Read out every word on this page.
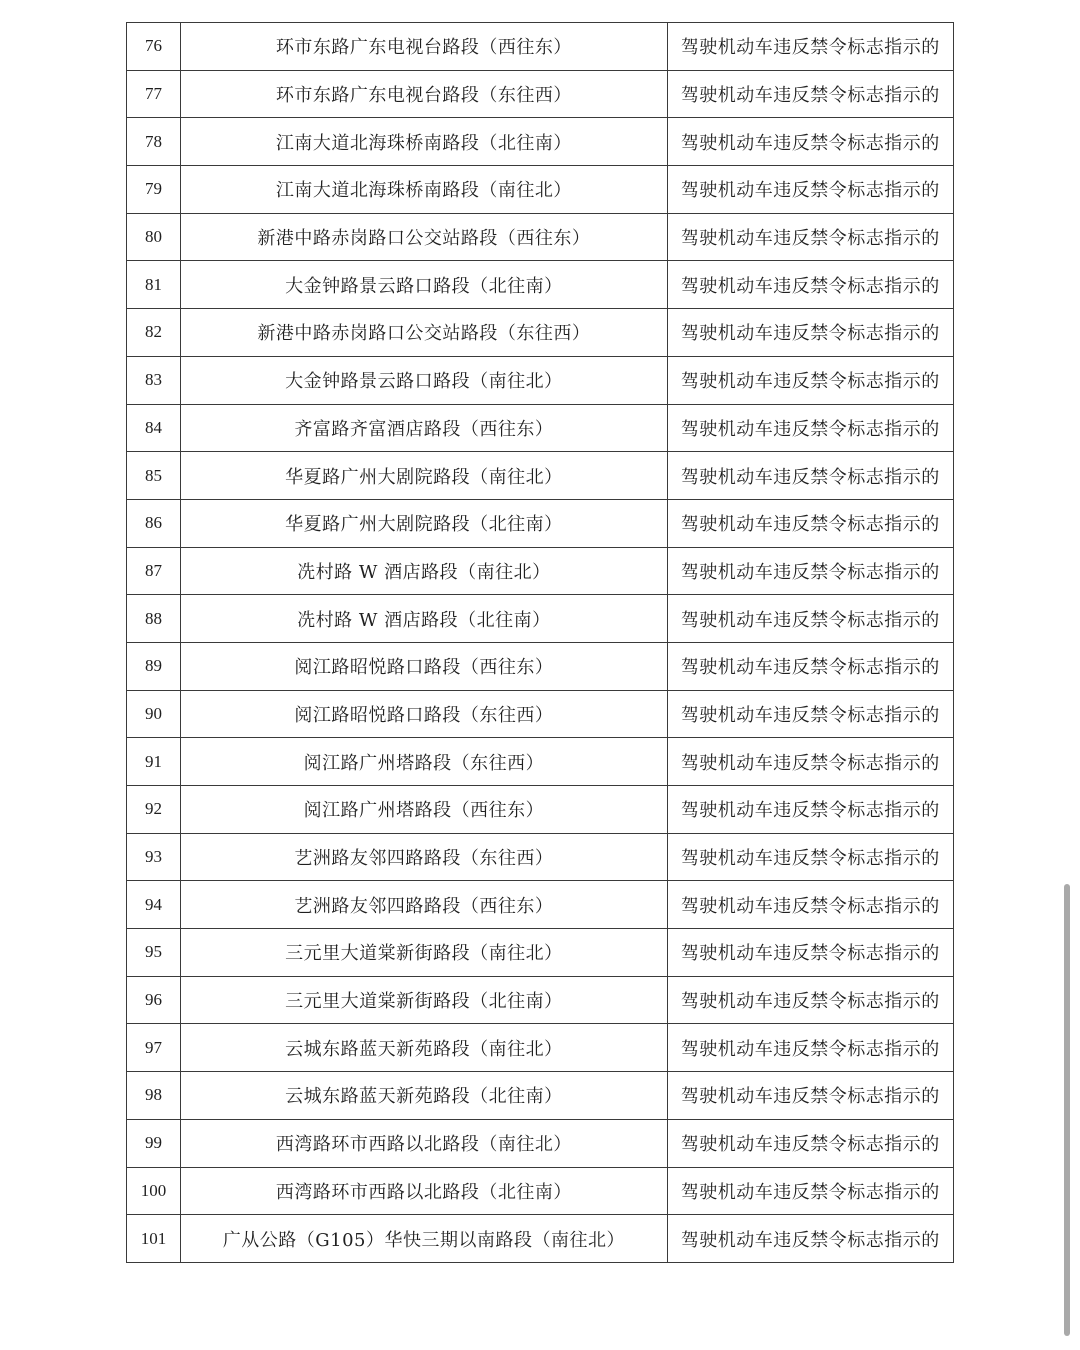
76	环市东路广东电视台路段（西往东）	驾驶机动车违反禁令标志指示的
77	环市东路广东电视台路段（东往西）	驾驶机动车违反禁令标志指示的
78	江南大道北海珠桥南路段（北往南）	驾驶机动车违反禁令标志指示的
79	江南大道北海珠桥南路段（南往北）	驾驶机动车违反禁令标志指示的
80	新港中路赤岗路口公交站路段（西往东）	驾驶机动车违反禁令标志指示的
81	大金钟路景云路口路段（北往南）	驾驶机动车违反禁令标志指示的
82	新港中路赤岗路口公交站路段（东往西）	驾驶机动车违反禁令标志指示的
83	大金钟路景云路口路段（南往北）	驾驶机动车违反禁令标志指示的
84	齐富路齐富酒店路段（西往东）	驾驶机动车违反禁令标志指示的
85	华夏路广州大剧院路段（南往北）	驾驶机动车违反禁令标志指示的
86	华夏路广州大剧院路段（北往南）	驾驶机动车违反禁令标志指示的
87	冼村路 W 酒店路段（南往北）	驾驶机动车违反禁令标志指示的
88	冼村路 W 酒店路段（北往南）	驾驶机动车违反禁令标志指示的
89	阅江路昭悦路口路段（西往东）	驾驶机动车违反禁令标志指示的
90	阅江路昭悦路口路段（东往西）	驾驶机动车违反禁令标志指示的
91	阅江路广州塔路段（东往西）	驾驶机动车违反禁令标志指示的
92	阅江路广州塔路段（西往东）	驾驶机动车违反禁令标志指示的
93	艺洲路友邻四路路段（东往西）	驾驶机动车违反禁令标志指示的
94	艺洲路友邻四路路段（西往东）	驾驶机动车违反禁令标志指示的
95	三元里大道棠新街路段（南往北）	驾驶机动车违反禁令标志指示的
96	三元里大道棠新街路段（北往南）	驾驶机动车违反禁令标志指示的
97	云城东路蓝天新苑路段（南往北）	驾驶机动车违反禁令标志指示的
98	云城东路蓝天新苑路段（北往南）	驾驶机动车违反禁令标志指示的
99	西湾路环市西路以北路段（南往北）	驾驶机动车违反禁令标志指示的
100	西湾路环市西路以北路段（北往南）	驾驶机动车违反禁令标志指示的
101	广从公路（G105）华快三期以南路段（南往北）	驾驶机动车违反禁令标志指示的
